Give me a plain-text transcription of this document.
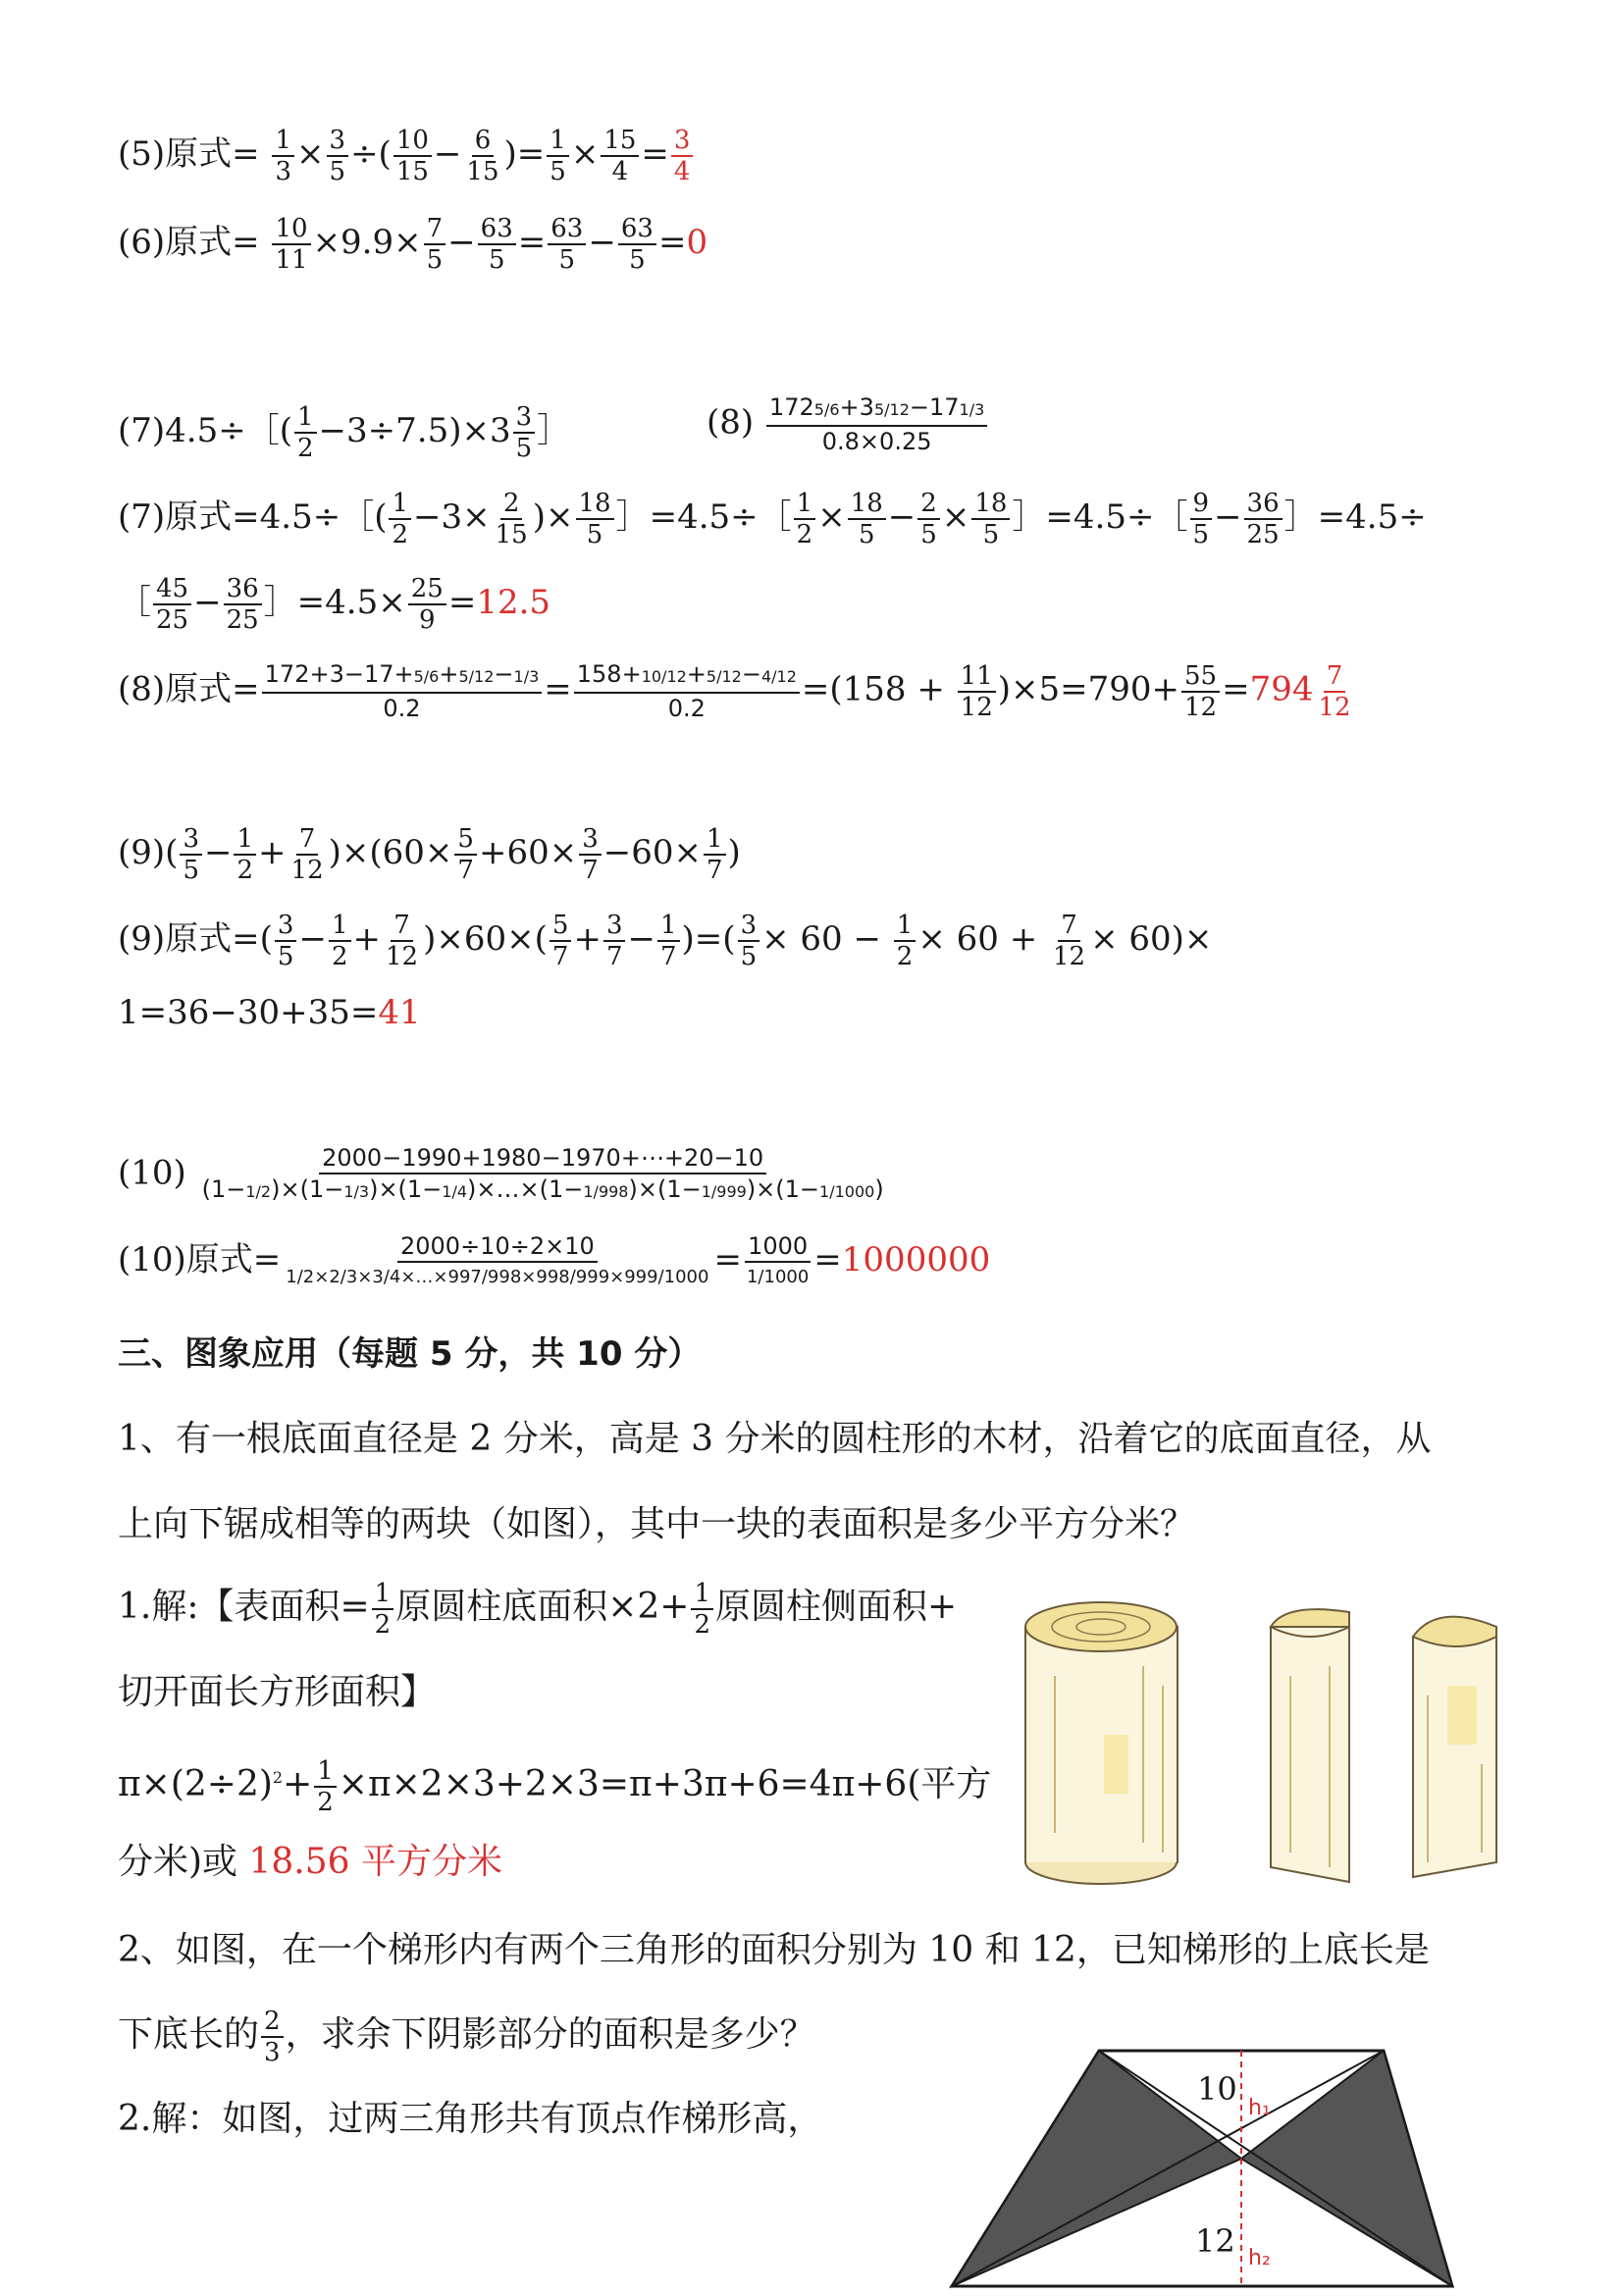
(5)原式= $\frac{1}{3} \times \frac{3}{5}$ ÷( $\frac{10}{15} - \frac{6}{15}$ )= $\frac{1}{5} \times \frac{15}{4} = \frac{3}{4}$
(6)原式= $\frac{10}{11} \times 9.9\times \frac{7}{5} - \frac{63}{5} = \frac{63}{5} - \frac{63}{5} =0$
(7)4.5÷［( $\frac{1}{2} -3\div 7.5)\times 3 \frac{3}{5}$ ］	$(8) \frac{1725/6+35/12-171/3}{0.8\times 0.25}$
(7)原式=4.5÷［( $\frac{1}{2} -3\times \frac{2}{15}$ )× $\frac{18}{5}$ ］=4.5÷［ $\frac{1}{2} \times \frac{18}{5} - \frac{2}{5} \times \frac{18}{5}$ ］=4.5÷［ $\frac{9}{5} - \frac{36}{25}$ ］=4.5÷
［ $\frac{45}{25} - \frac{36}{25}$ ］=4.5× $\frac{25}{9} =12.5$
(8)原式= $\frac{172+3-17+5/6+5/12-1/3}{0.2} = \frac{158+10/12+5/12-4/12}{0.2} =(158 + \frac{11}{12} )\times 5=790+ \frac{55}{12} =794 \frac{7}{12}$
$(9)( \frac{3}{5} - \frac{1}{2} + \frac{7}{12} )\times(60\times \frac{5}{7} +60\times \frac{3}{7} -60\times \frac{1}{7}$ )
(9)原式=( $\frac{3}{5} - \frac{1}{2} + \frac{7}{12} )\times 60\times( \frac{5}{7} + \frac{3}{7} - \frac{1}{7}$ )=( $\frac{3}{5} \times 60 - \frac{1}{2} \times 60 + \frac{7}{12} \times 60)\times$
1=36−30+35=41
$(10) \frac{2000-1990+1980-1970+\cdots+20-10}{(1-1/2)\times(1-1/3)\times(1-1/4)\times\dots\times(1-1/998)\times(1-1/999)\times(1-1/1000)}$
(10)原式= $\frac{2000\div 10\div 2\times 10}{1/2\times 2/3\times 3/4\times\dots\times 997/998\times 998/999\times 999/1000} = \frac{1000}{1/1000} =1000000$
三、图象应用（每题 5 分，共 10 分）
1、有一根底面直径是 2 分米，高是 3 分米的圆柱形的木材，沿着它的底面直径，从
上向下锯成相等的两块（如图），其中一块的表面积是多少平方分米？
1.解:【表面积= $\frac{1}{2}$ 原圆柱底面积$\times 2+ \frac{1}{2}$ 原圆柱侧面积+
切开面长方形面积】
$\pi\times(2\div 2)^2+ \frac{1}{2} \times\pi\times 2\times 3+2\times 3=\pi+3\pi+6=4\pi+6$(平方
分米)或 18.56 平方分米
2、如图，在一个梯形内有两个三角形的面积分别为 10 和 12，已知梯形的上底长是
下底长的 $\frac{2}{3}$ ，求余下阴影部分的面积是多少？
2.解：如图，过两三角形共有顶点作梯形高，
10
12
h₁
h₂
